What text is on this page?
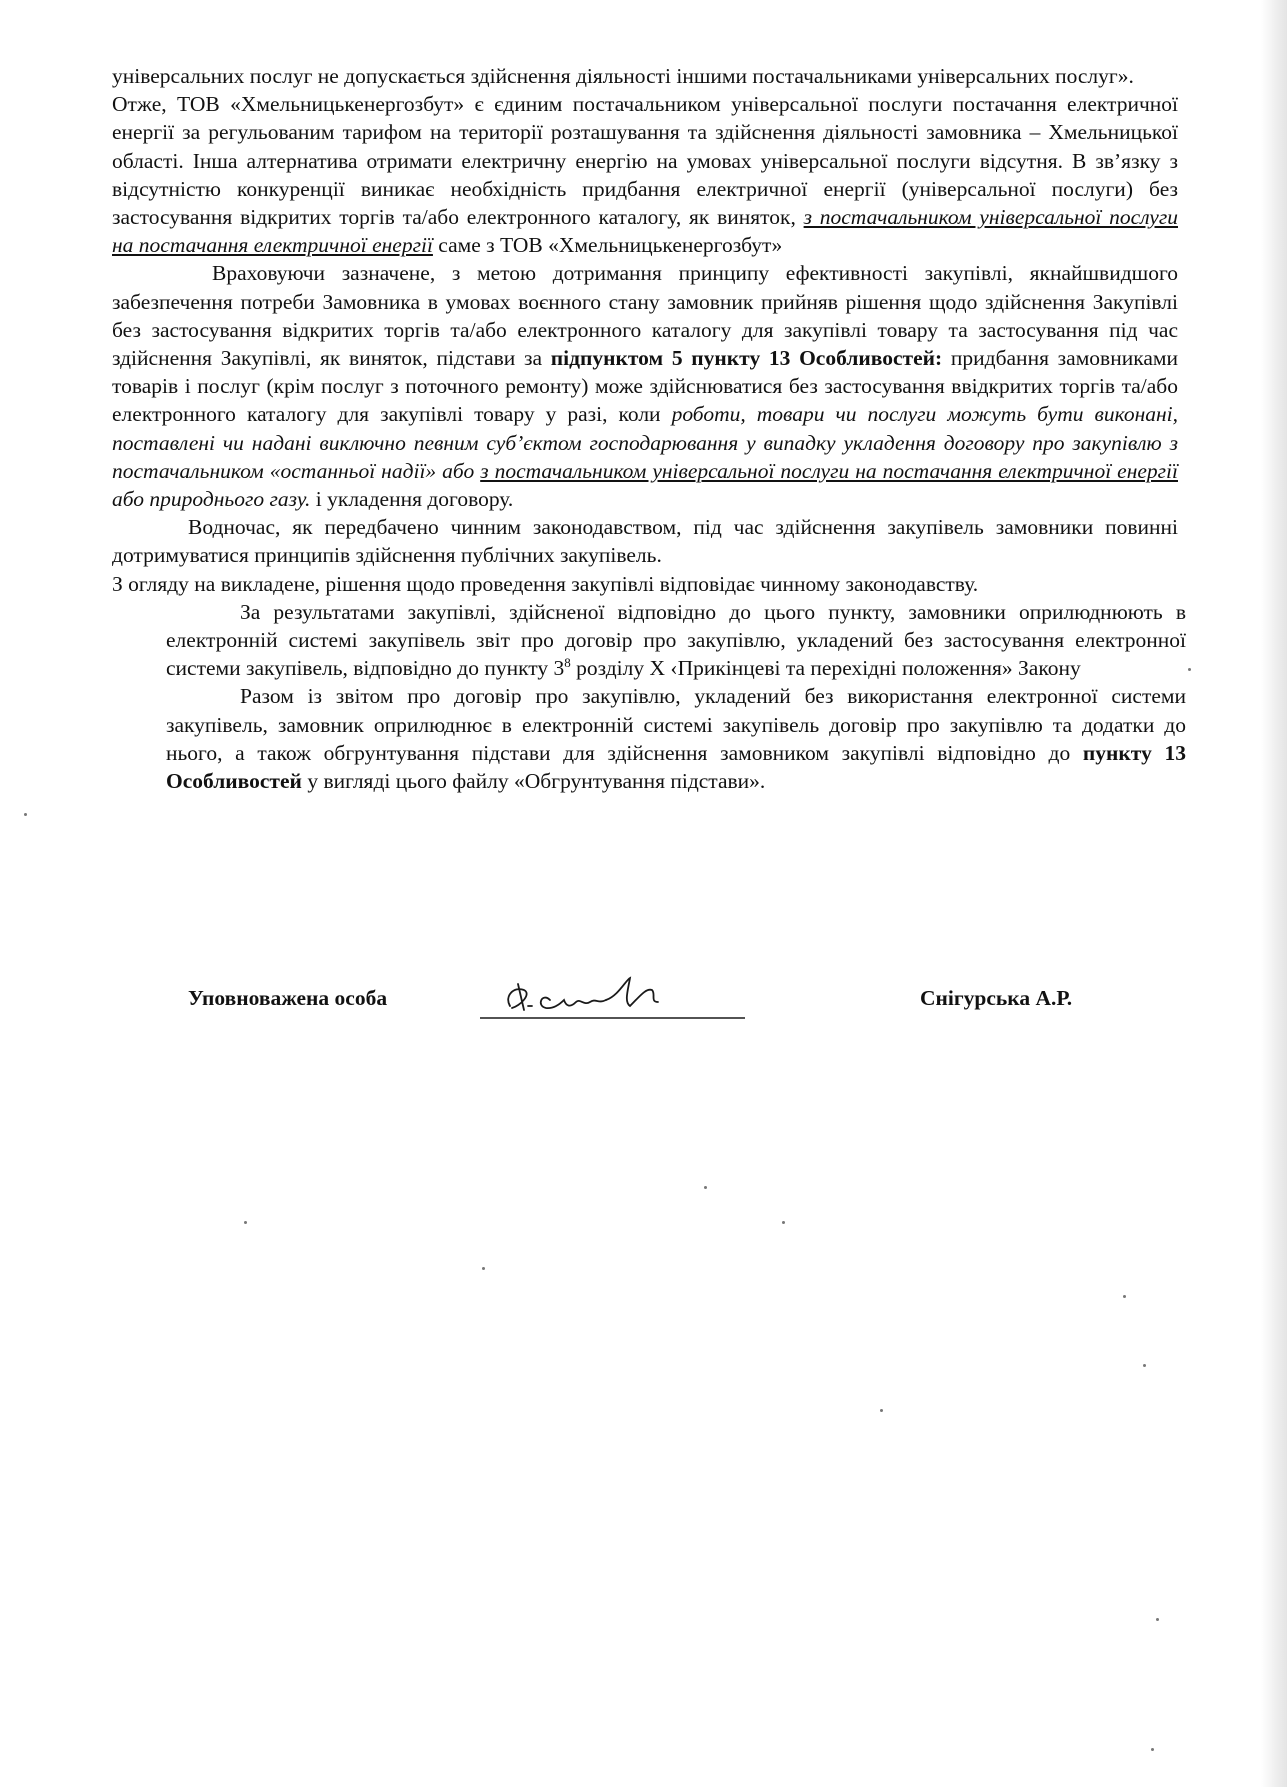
універсальних послуг не допускається здійснення діяльності іншими постачальниками універсальних послуг».

Отже, ТОВ «Хмельницькенергозбут» є єдиним постачальником універсальної послуги постачання електричної енергії за регульованим тарифом на території розташування та здійснення діяльності замовника – Хмельницької області. Інша алтернатива отримати електричну енергію на умовах універсальної послуги відсутня. В зв’язку з відсутністю конкуренції виникає необхідність придбання електричної енергії (універсальної послуги) без застосування відкритих торгів та/або електронного каталогу, як виняток, з постачальником універсальної послуги на постачання електричної енергії саме з ТОВ «Хмельницькенергозбут»

Враховуючи зазначене, з метою дотримання принципу ефективності закупівлі, якнайшвидшого забезпечення потреби Замовника в умовах воєнного стану замовник прийняв рішення щодо здійснення Закупівлі без застосування відкритих торгів та/або електронного каталогу для закупівлі товару та застосування під час здійснення Закупівлі, як виняток, підстави за підпунктом 5 пункту 13 Особливостей: придбання замовниками товарів і послуг (крім послуг з поточного ремонту) може здійснюватися без застосування ввідкритих торгів та/або електронного каталогу для закупівлі товару у разі, коли роботи, товари чи послуги можуть бути виконані, поставлені чи надані виключно певним суб’єктом господарювання у випадку укладення договору про закупівлю з постачальником «останньої надії» або з постачальником універсальної послуги на постачання електричної енергії або природнього газу. і укладення договору.

Водночас, як передбачено чинним законодавством, під час здійснення закупівель замовники повинні дотримуватися принципів здійснення публічних закупівель.

З огляду на викладене, рішення щодо проведення закупівлі відповідає чинному законодавству.

За результатами закупівлі, здійсненої відповідно до цього пункту, замовники оприлюднюють в електронній системі закупівель звіт про договір про закупівлю, укладений без застосування електронної системи закупівель, відповідно до пункту $3^8$ розділу X ‹Прикінцеві та перехідні положення» Закону

Разом із звітом про договір про закупівлю, укладений без використання електронної системи закупівель, замовник оприлюднює в електронній системі закупівель договір про закупівлю та додатки до нього, а також обгрунтування підстави для здійснення замовником закупівлі відповідно до пункту 13 Особливостей у вигляді цього файлу «Обгрунтування підстави».

Уповноважена особа	Снігурська А.Р.
